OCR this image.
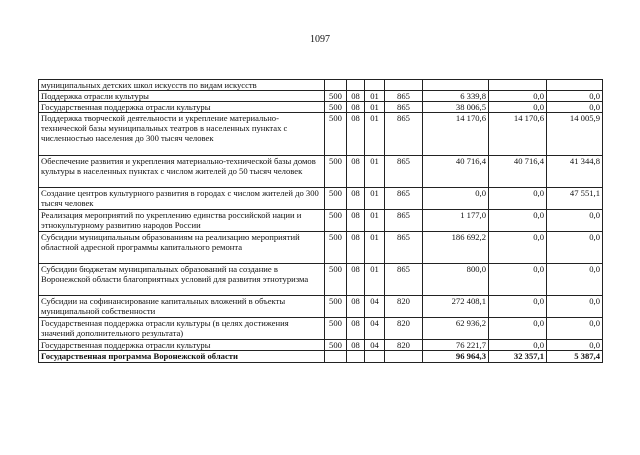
1097
муниципальных детских школ искусств по видам искусств							
Поддержка отрасли культуры	500	08	01	865	6 339,8	0,0	0,0
Государственная поддержка отрасли культуры	500	08	01	865	38 006,5	0,0	0,0
Поддержка творческой деятельности и укрепление материально-технической базы муниципальных театров в населенных пунктах с численностью населения до 300 тысяч человек	500	08	01	865	14 170,6	14 170,6	14 005,9
Обеспечение развития и укрепления материально-технической базы домов культуры в населенных пунктах с числом жителей до 50 тысяч человек	500	08	01	865	40 716,4	40 716,4	41 344,8
Создание центров культурного развития в городах с числом жителей до 300 тысяч человек	500	08	01	865	0,0	0,0	47 551,1
Реализация мероприятий по укреплению единства российской нации и этнокультурному развитию народов России	500	08	01	865	1 177,0	0,0	0,0
Субсидии муниципальным образованиям на реализацию мероприятий областной адресной программы капитального ремонта	500	08	01	865	186 692,2	0,0	0,0
Субсидии бюджетам муниципальных образований на создание в Воронежской области благоприятных условий для развития этнотуризма	500	08	01	865	800,0	0,0	0,0
Субсидии на софинансирование капитальных вложений в объекты муниципальной собственности	500	08	04	820	272 408,1	0,0	0,0
Государственная поддержка отрасли культуры (в целях достижения значений дополнительного результата)	500	08	04	820	62 936,2	0,0	0,0
Государственная поддержка отрасли культуры	500	08	04	820	76 221,7	0,0	0,0
Государственная программа Воронежской области					96 964,3	32 357,1	5 387,4
